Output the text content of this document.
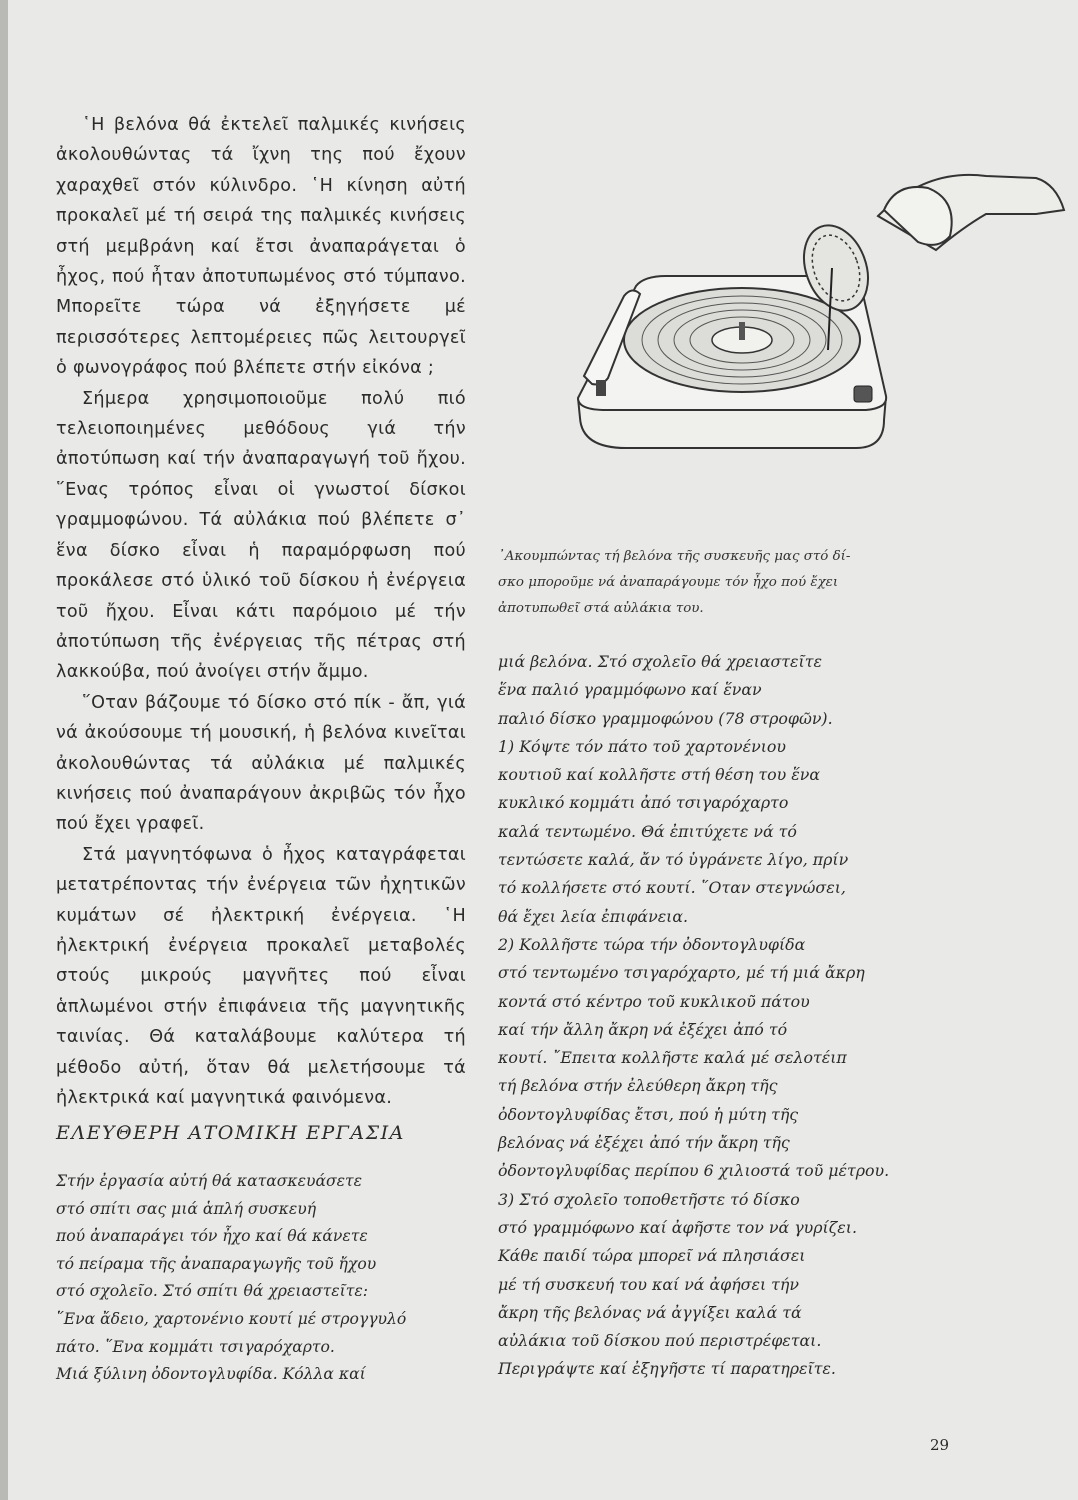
῾Η βελόνα θά ἐκτελεῖ παλμικές κινήσεις ἀκολουθώντας τά ἴχνη της πού ἔχουν χαραχθεῖ στόν κύλινδρο. ῾Η κίνηση αὐτή προκαλεῖ μέ τή σειρά της παλμικές κινήσεις στή μεμβράνη καί ἔτσι ἀναπαράγεται ὁ ἦχος, πού ἦταν ἀποτυπωμένος στό τύμπανο. Μπορεῖτε τώρα νά ἐξηγήσετε μέ περισσότερες λεπτομέρειες πῶς λειτουργεῖ ὁ φωνογράφος πού βλέπετε στήν εἰκόνα ;

Σήμερα χρησιμοποιοῦμε πολύ πιό τελειοποιημένες μεθόδους γιά τήν ἀποτύπωση καί τήν ἀναπαραγωγή τοῦ ἤχου. ῞Ενας τρόπος εἶναι οἱ γνωστοί δίσκοι γραμμοφώνου. Τά αὐλάκια πού βλέπετε σ᾽ ἕνα δίσκο εἶναι ἡ παραμόρφωση πού προκάλεσε στό ὑλικό τοῦ δίσκου ἡ ἐνέργεια τοῦ ἤχου. Εἶναι κάτι παρόμοιο μέ τήν ἀποτύπωση τῆς ἐνέργειας τῆς πέτρας στή λακκούβα, πού ἀνοίγει στήν ἄμμο.

῞Οταν βάζουμε τό δίσκο στό πίκ - ἄπ, γιά νά ἀκούσουμε τή μουσική, ἡ βελόνα κινεῖται ἀκολουθώντας τά αὐλάκια μέ παλμικές κινήσεις πού ἀναπαράγουν ἀκριβῶς τόν ἦχο πού ἔχει γραφεῖ.

Στά μαγνητόφωνα ὁ ἦχος καταγράφεται μετατρέποντας τήν ἐνέργεια τῶν ἠχητικῶν κυμάτων σέ ἠλεκτρική ἐνέργεια. ῾Η ἠλεκτρική ἐνέργεια προκαλεῖ μεταβολές στούς μικρούς μαγνῆτες πού εἶναι ἁπλωμένοι στήν ἐπιφάνεια τῆς μαγνητικῆς ταινίας. Θά καταλάβουμε καλύτερα τή μέθοδο αὐτή, ὅταν θά μελετήσουμε τά ἠλεκτρικά καί μαγνητικά φαινόμενα.

ΕΛΕΥΘΕΡΗ ΑΤΟΜΙΚΗ ΕΡΓΑΣΙΑ
Στήν ἐργασία αὐτή θά κατασκευάσετε
στό σπίτι σας μιά ἁπλή συσκευή
πού ἀναπαράγει τόν ἦχο καί θά κάνετε
τό πείραμα τῆς ἀναπαραγωγῆς τοῦ ἤχου
στό σχολεῖο. Στό σπίτι θά χρειαστεῖτε:
῞Ενα ἄδειο, χαρτονένιο κουτί μέ στρογγυλό
πάτο. ῞Ενα κομμάτι τσιγαρόχαρτο.
Μιά ξύλινη ὀδοντογλυφίδα. Κόλλα καί
᾽Ακουμπώντας τή βελόνα τῆς συσκευῆς μας στό δί-
σκο μποροῦμε νά ἀναπαράγουμε τόν ἦχο πού ἔχει
ἀποτυπωθεῖ στά αὐλάκια του.
μιά βελόνα. Στό σχολεῖο θά χρειαστεῖτε
ἕνα παλιό γραμμόφωνο καί ἕναν
παλιό δίσκο γραμμοφώνου (78 στροφῶν).
1) Κόψτε τόν πάτο τοῦ χαρτονένιου
κουτιοῦ καί κολλῆστε στή θέση του ἕνα
κυκλικό κομμάτι ἀπό τσιγαρόχαρτο
καλά τεντωμένο. Θά ἐπιτύχετε νά τό
τεντώσετε καλά, ἄν τό ὑγράνετε λίγο, πρίν
τό κολλήσετε στό κουτί. ῞Οταν στεγνώσει,
θά ἔχει λεία ἐπιφάνεια.
2) Κολλῆστε τώρα τήν ὀδοντογλυφίδα
στό τεντωμένο τσιγαρόχαρτο, μέ τή μιά ἄκρη
κοντά στό κέντρο τοῦ κυκλικοῦ πάτου
καί τήν ἄλλη ἄκρη νά ἐξέχει ἀπό τό
κουτί. ῎Επειτα κολλῆστε καλά μέ σελοτέιπ
τή βελόνα στήν ἐλεύθερη ἄκρη τῆς
ὀδοντογλυφίδας ἔτσι, πού ἡ μύτη τῆς
βελόνας νά ἐξέχει ἀπό τήν ἄκρη τῆς
ὀδοντογλυφίδας περίπου 6 χιλιοστά τοῦ μέτρου.
3) Στό σχολεῖο τοποθετῆστε τό δίσκο
στό γραμμόφωνο καί ἀφῆστε τον νά γυρίζει.
Κάθε παιδί τώρα μπορεῖ νά πλησιάσει
μέ τή συσκευή του καί νά ἀφήσει τήν
ἄκρη τῆς βελόνας νά ἀγγίξει καλά τά
αὐλάκια τοῦ δίσκου πού περιστρέφεται.
Περιγράψτε καί ἐξηγῆστε τί παρατηρεῖτε.
29
